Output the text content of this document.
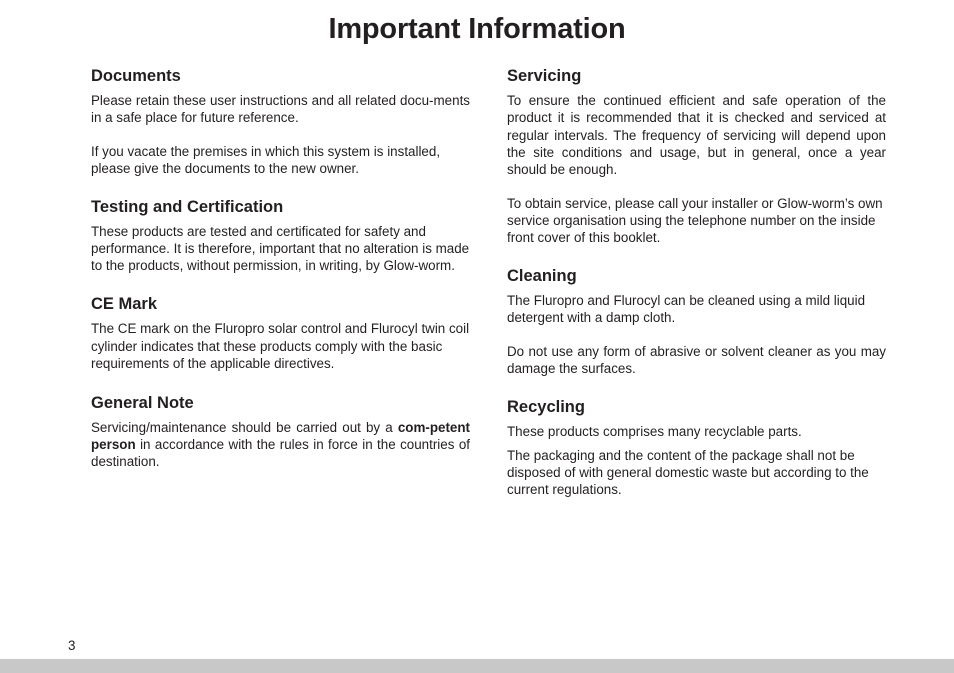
Important Information
Documents

Please retain these user instructions and all related docu-ments in a safe place for future reference.

If you vacate the premises in which this system is installed, please give the documents to the new owner.

Testing and Certification

These products are tested and certificated for safety and performance. It is therefore, important that no alteration is made to the products, without permission, in writing, by Glow-worm.

CE Mark

The CE mark on the Fluropro solar control and Flurocyl twin coil cylinder indicates that these products comply with the basic requirements of the applicable directives.

General Note

Servicing/maintenance should be carried out by a com-petent person in accordance with the rules in force in the countries of destination.

Servicing

To ensure the continued efficient and safe operation of the product it is recommended that it is checked and serviced at regular intervals. The frequency of servicing will depend upon the site conditions and usage, but in general, once a year should be enough.

To obtain service, please call your installer or Glow-worm’s own service organisation using the telephone number on the inside front cover of this booklet.

Cleaning

The Fluropro and Flurocyl can be cleaned using a mild liquid detergent with a damp cloth.

Do not use any form of abrasive or solvent cleaner as you may damage the surfaces.

Recycling

These products comprises many recyclable parts.

The packaging and the content of the package shall not be disposed of with general domestic waste but according to the current regulations.

3
